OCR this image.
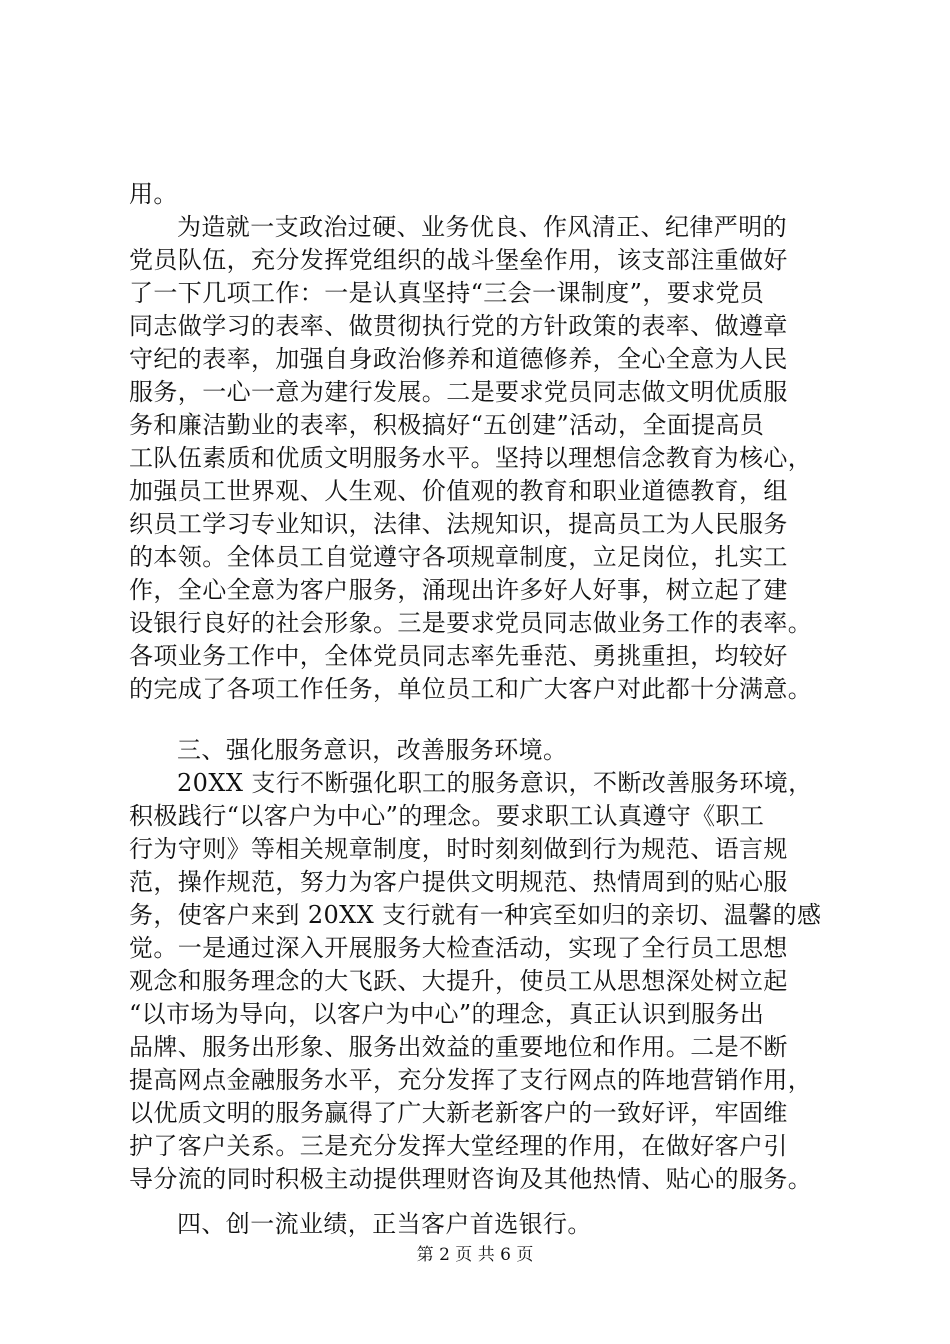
用。
为造就一支政治过硬、业务优良、作风清正、纪律严明的
党员队伍，充分发挥党组织的战斗堡垒作用，该支部注重做好
了一下几项工作：一是认真坚持“三会一课制度”，要求党员
同志做学习的表率、做贯彻执行党的方针政策的表率、做遵章
守纪的表率，加强自身政治修养和道德修养，全心全意为人民
服务，一心一意为建行发展。二是要求党员同志做文明优质服
务和廉洁勤业的表率，积极搞好“五创建”活动，全面提高员
工队伍素质和优质文明服务水平。坚持以理想信念教育为核心，
加强员工世界观、人生观、价值观的教育和职业道德教育，组
织员工学习专业知识，法律、法规知识，提高员工为人民服务
的本领。全体员工自觉遵守各项规章制度，立足岗位，扎实工
作，全心全意为客户服务，涌现出许多好人好事，树立起了建
设银行良好的社会形象。三是要求党员同志做业务工作的表率。
各项业务工作中，全体党员同志率先垂范、勇挑重担，均较好
的完成了各项工作任务，单位员工和广大客户对此都十分满意。
三、强化服务意识，改善服务环境。
20XX 支行不断强化职工的服务意识，不断改善服务环境，
积极践行“以客户为中心”的理念。要求职工认真遵守《职工
行为守则》等相关规章制度，时时刻刻做到行为规范、语言规
范，操作规范，努力为客户提供文明规范、热情周到的贴心服
务，使客户来到 20XX 支行就有一种宾至如归的亲切、温馨的感
觉。一是通过深入开展服务大检查活动，实现了全行员工思想
观念和服务理念的大飞跃、大提升，使员工从思想深处树立起
“以市场为导向，以客户为中心”的理念，真正认识到服务出
品牌、服务出形象、服务出效益的重要地位和作用。二是不断
提高网点金融服务水平，充分发挥了支行网点的阵地营销作用，
以优质文明的服务赢得了广大新老新客户的一致好评，牢固维
护了客户关系。三是充分发挥大堂经理的作用，在做好客户引
导分流的同时积极主动提供理财咨询及其他热情、贴心的服务。
四、创一流业绩，正当客户首选银行。
第 2 页 共 6 页
